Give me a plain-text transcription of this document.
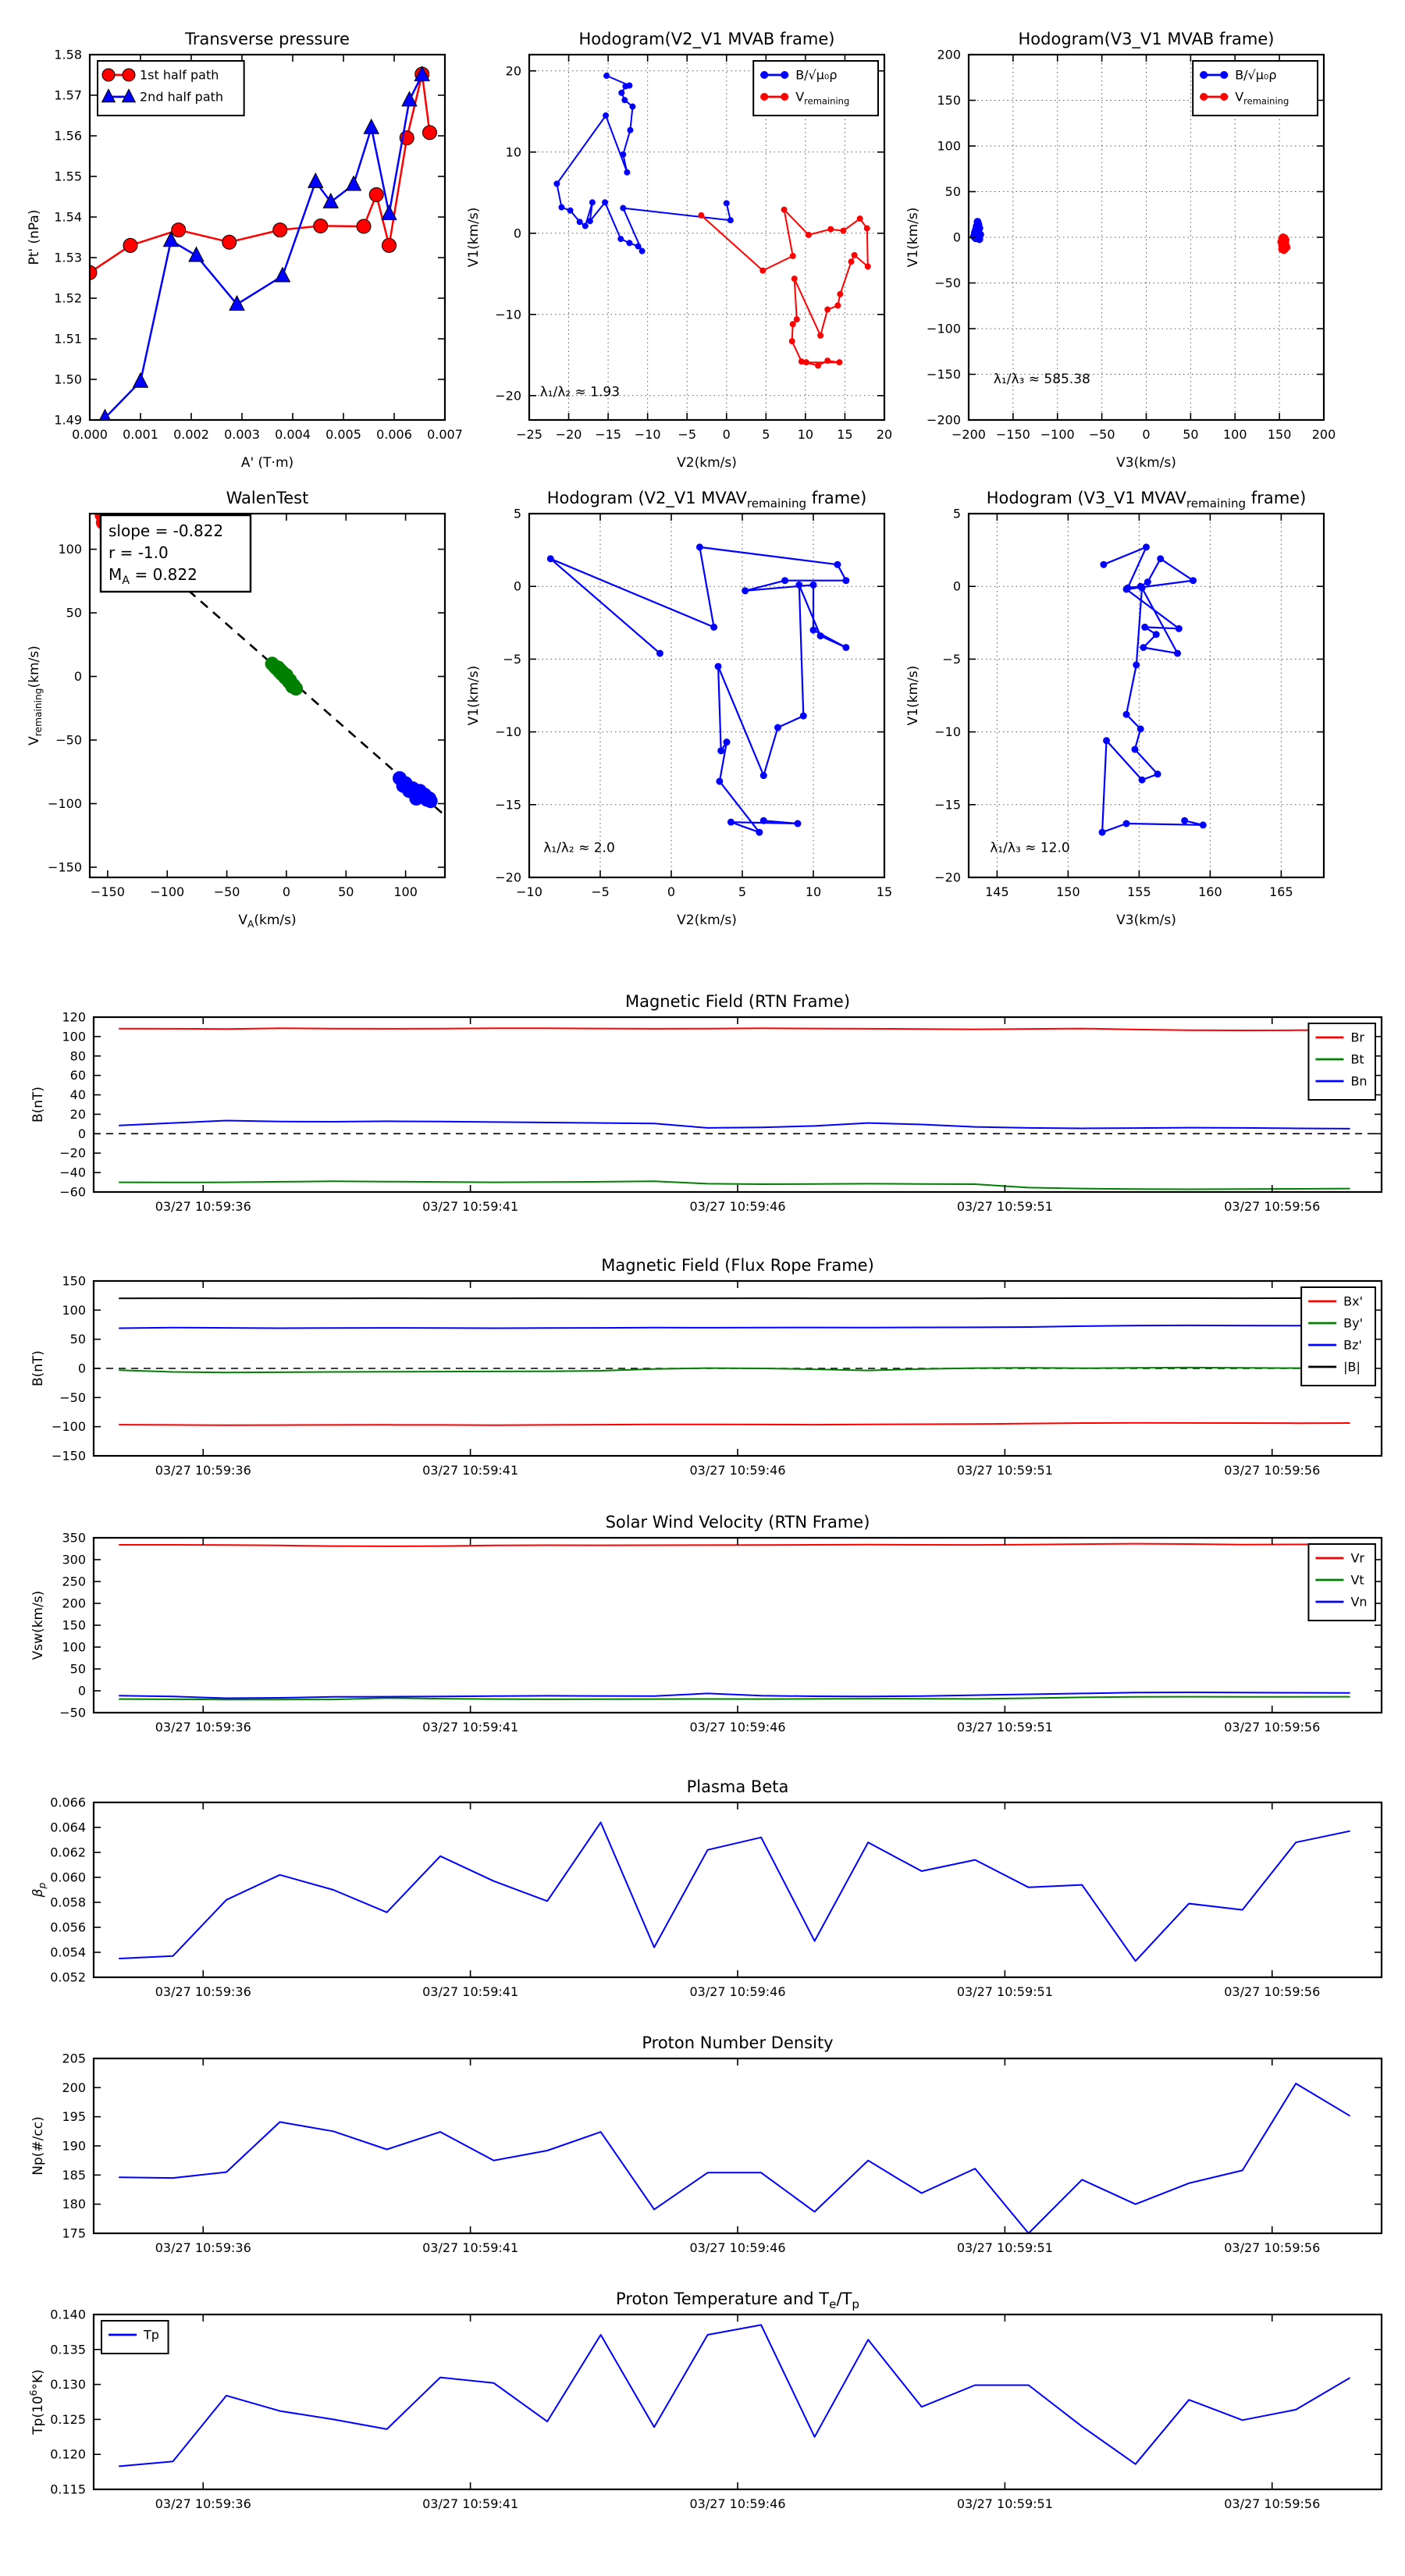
0.000 0.001 0.002 0.003 0.004 0.005 0.006 0.007
1.49
1.50
1.51
1.52
1.53
1.54
1.55
1.56
1.57
1.58
Transverse pressure
A' (T·m)
Pt' (nPa)
1st half path
2nd half path
−25 −20 −15 −10 −5 0	5 10 15 20
−20
−10
0
10
20
Hodogram(V2_V1 MVAB frame)
V2(km/s)
V1(km/s)
B/√μ₀ρ
$V_{remaining}$
λ₁/λ₂ ≈ 1.93
−200 −150 −100 −50 0	50 100 150 200
−200
−150
−100
−50
0
50
100
150
200
Hodogram(V3_V1 MVAB frame)
V3(km/s)
V1(km/s)
B/√μ₀ρ
$V_{remaining}$
λ₁/λ₃ ≈ 585.38
−150 −100 −50	0	50	100
−150
−100
−50
0
50
100
WalenTest
$V_A(km/s)$
$V_{remaining}(km/s)$
slope = -0.822
r = -1.0
$M_A = 0.822$
−10	−5	0	5	10	15
−20
−15
−10
−5
0
5
Hodogram (V2_V1 $MVAV_{remaining}$ frame)
V2(km/s)
V1(km/s)
λ₁/λ₂ ≈ 2.0
145	150	155	160	165
−20
−15
−10
−5
0
5
Hodogram (V3_V1 $MVAV_{remaining}$ frame)
V3(km/s)
V1(km/s)
λ₁/λ₃ ≈ 12.0
03/27 10:59:36	03/27 10:59:41	03/27 10:59:46	03/27 10:59:51	03/27 10:59:56
−60
−40
−20
0
20
40
60
80
100
120
Magnetic Field (RTN Frame)
B(nT)
Br
Bt
Bn
03/27 10:59:36	03/27 10:59:41	03/27 10:59:46	03/27 10:59:51	03/27 10:59:56
−150
−100
−50
0
50
100
150
Magnetic Field (Flux Rope Frame)
B(nT)
Bx'
By'
Bz'
|B|
03/27 10:59:36	03/27 10:59:41	03/27 10:59:46	03/27 10:59:51	03/27 10:59:56
−50
0
50
100
150
200
250
300
350
Solar Wind Velocity (RTN Frame)
Vsw(km/s)
Vr
Vt
Vn
03/27 10:59:36	03/27 10:59:41	03/27 10:59:46	03/27 10:59:51	03/27 10:59:56
0.052
0.054
0.056
0.058
0.060
0.062
0.064
0.066
Plasma Beta
$\beta_p$
03/27 10:59:36	03/27 10:59:41	03/27 10:59:46	03/27 10:59:51	03/27 10:59:56
175
180
185
190
195
200
205
Proton Number Density
Np(#/cc)
03/27 10:59:36	03/27 10:59:41	03/27 10:59:46	03/27 10:59:51	03/27 10:59:56
0.115
0.120
0.125
0.130
0.135
0.140
Proton Temperature and $T_e/T_p$
$Tp(10^6^\circ K)$
Tp
